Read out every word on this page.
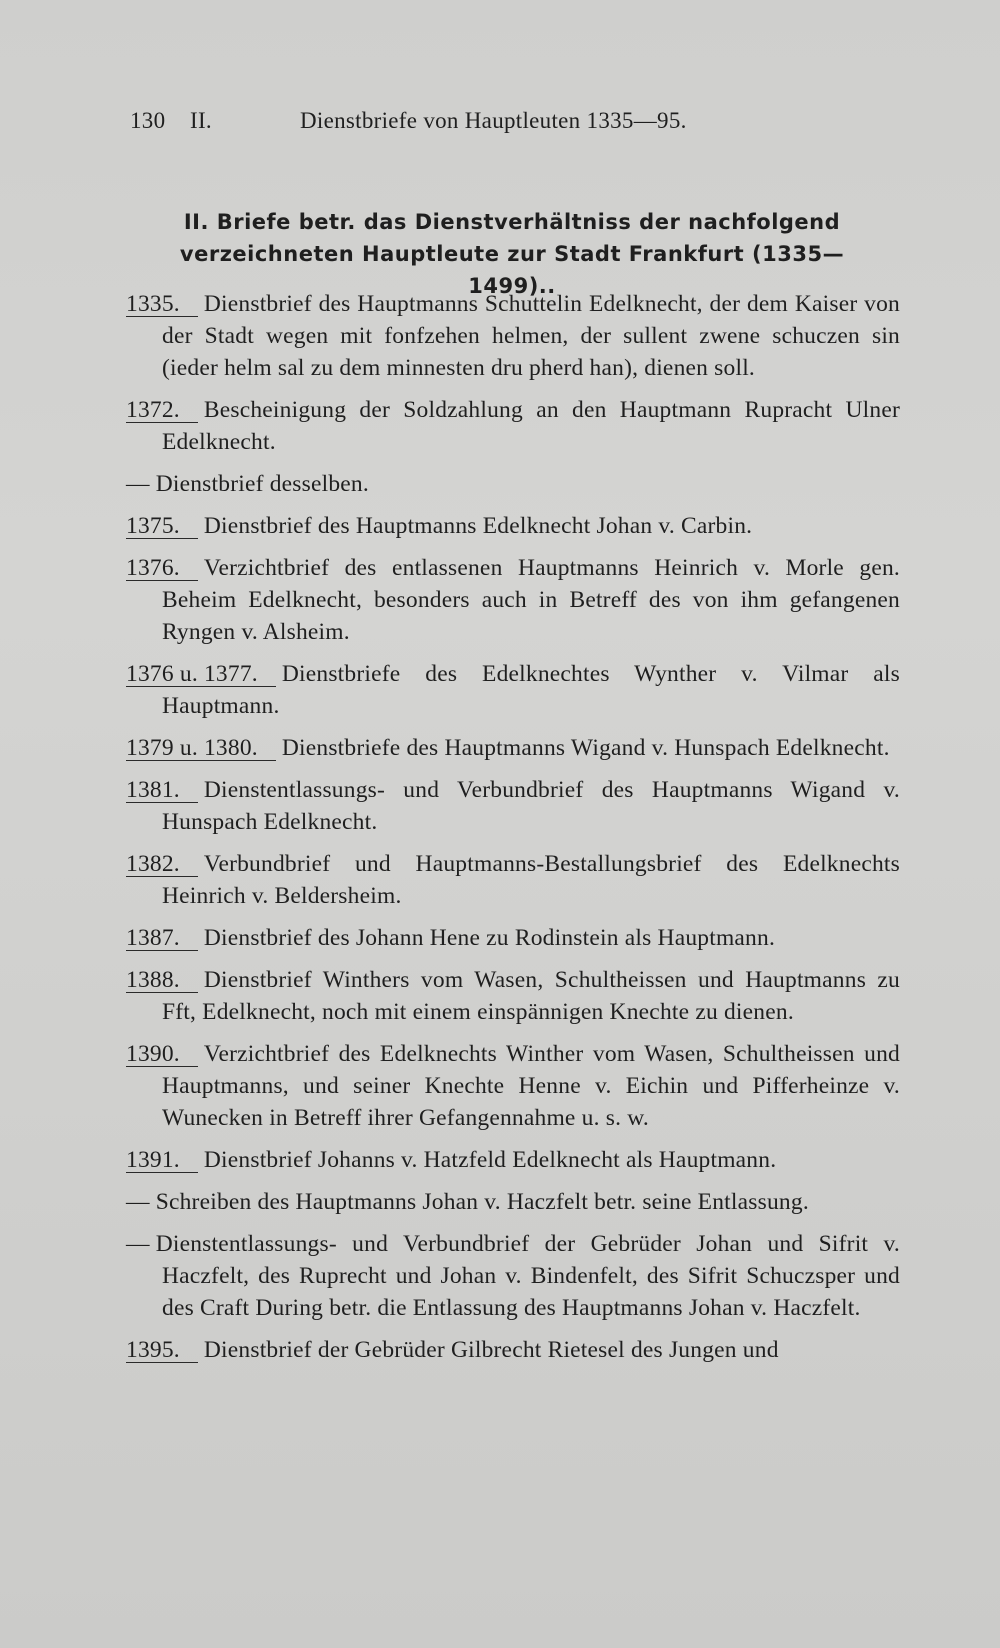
130 II.	Dienstbriefe von Hauptleuten 1335—95.
II. Briefe betr. das Dienstverhältniss der nachfolgend
verzeichneten Hauptleute zur Stadt Frankfurt (1335—1499)..
1335. Dienstbrief des Hauptmanns Schuttelin Edelknecht, der dem Kaiser von der Stadt wegen mit fonfzehen helmen, der sullent zwene schuczen sin (ieder helm sal zu dem minnesten dru pherd han), dienen soll.
1372. Bescheinigung der Soldzahlung an den Hauptmann Rupracht Ulner Edelknecht.
— Dienstbrief desselben.
1375. Dienstbrief des Hauptmanns Edelknecht Johan v. Carbin.
1376. Verzichtbrief des entlassenen Hauptmanns Heinrich v. Morle gen. Beheim Edelknecht, besonders auch in Betreff des von ihm gefangenen Ryngen v. Alsheim.
1376 u. 1377. Dienstbriefe des Edelknechtes Wynther v. Vilmar als Hauptmann.
1379 u. 1380. Dienstbriefe des Hauptmanns Wigand v. Hunspach Edelknecht.
1381. Dienstentlassungs- und Verbundbrief des Hauptmanns Wigand v. Hunspach Edelknecht.
1382. Verbundbrief und Hauptmanns-Bestallungsbrief des Edelknechts Heinrich v. Beldersheim.
1387. Dienstbrief des Johann Hene zu Rodinstein als Hauptmann.
1388. Dienstbrief Winthers vom Wasen, Schultheissen und Hauptmanns zu Fft, Edelknecht, noch mit einem einspännigen Knechte zu dienen.
1390. Verzichtbrief des Edelknechts Winther vom Wasen, Schultheissen und Hauptmanns, und seiner Knechte Henne v. Eichin und Pifferheinze v. Wunecken in Betreff ihrer Gefangennahme u. s. w.
1391. Dienstbrief Johanns v. Hatzfeld Edelknecht als Hauptmann.
— Schreiben des Hauptmanns Johan v. Haczfelt betr. seine Entlassung.
— Dienstentlassungs- und Verbundbrief der Gebrüder Johan und Sifrit v. Haczfelt, des Ruprecht und Johan v. Bindenfelt, des Sifrit Schuczsper und des Craft During betr. die Entlassung des Hauptmanns Johan v. Haczfelt.
1395. Dienstbrief der Gebrüder Gilbrecht Rietesel des Jungen und
